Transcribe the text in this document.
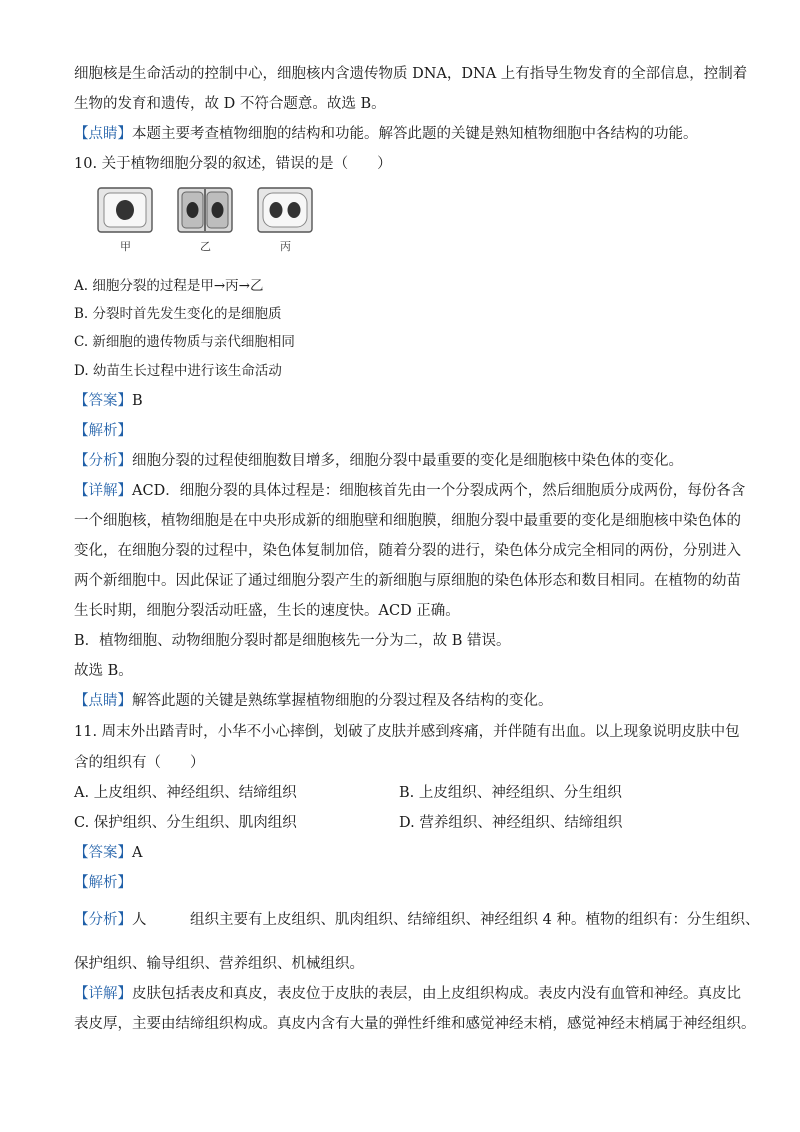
细胞核是生命活动的控制中心，细胞核内含遗传物质 DNA，DNA 上有指导生物发育的全部信息，控制着
生物的发育和遗传，故 D 不符合题意。故选 B。
【点睛】本题主要考查植物细胞的结构和功能。解答此题的关键是熟知植物细胞中各结构的功能。
10. 关于植物细胞分裂的叙述，错误的是（　　）
甲	乙	丙
A. 细胞分裂的过程是甲→丙→乙
B. 分裂时首先发生变化的是细胞质
C. 新细胞的遗传物质与亲代细胞相同
D. 幼苗生长过程中进行该生命活动
【答案】B
【解析】
【分析】细胞分裂的过程使细胞数目增多，细胞分裂中最重要的变化是细胞核中染色体的变化。
【详解】ACD．细胞分裂的具体过程是：细胞核首先由一个分裂成两个，然后细胞质分成两份，每份各含
一个细胞核，植物细胞是在中央形成新的细胞壁和细胞膜，细胞分裂中最重要的变化是细胞核中染色体的
变化，在细胞分裂的过程中，染色体复制加倍，随着分裂的进行，染色体分成完全相同的两份，分别进入
两个新细胞中。因此保证了通过细胞分裂产生的新细胞与原细胞的染色体形态和数目相同。在植物的幼苗
生长时期，细胞分裂活动旺盛，生长的速度快。ACD 正确。
B．植物细胞、动物细胞分裂时都是细胞核先一分为二，故 B 错误。
故选 B。
【点睛】解答此题的关键是熟练掌握植物细胞的分裂过程及各结构的变化。
11. 周末外出踏青时，小华不小心摔倒，划破了皮肤并感到疼痛，并伴随有出血。以上现象说明皮肤中包
含的组织有（　　）
A. 上皮组织、神经组织、结缔组织	B. 上皮组织、神经组织、分生组织
C. 保护组织、分生组织、肌肉组织	D. 营养组织、神经组织、结缔组织
【答案】A
【解析】
【分析】人　　　组织主要有上皮组织、肌肉组织、结缔组织、神经组织 4 种。植物的组织有：分生组织、
保护组织、输导组织、营养组织、机械组织。
【详解】皮肤包括表皮和真皮，表皮位于皮肤的表层，由上皮组织构成。表皮内没有血管和神经。真皮比
表皮厚，主要由结缔组织构成。真皮内含有大量的弹性纤维和感觉神经末梢，感觉神经末梢属于神经组织。
